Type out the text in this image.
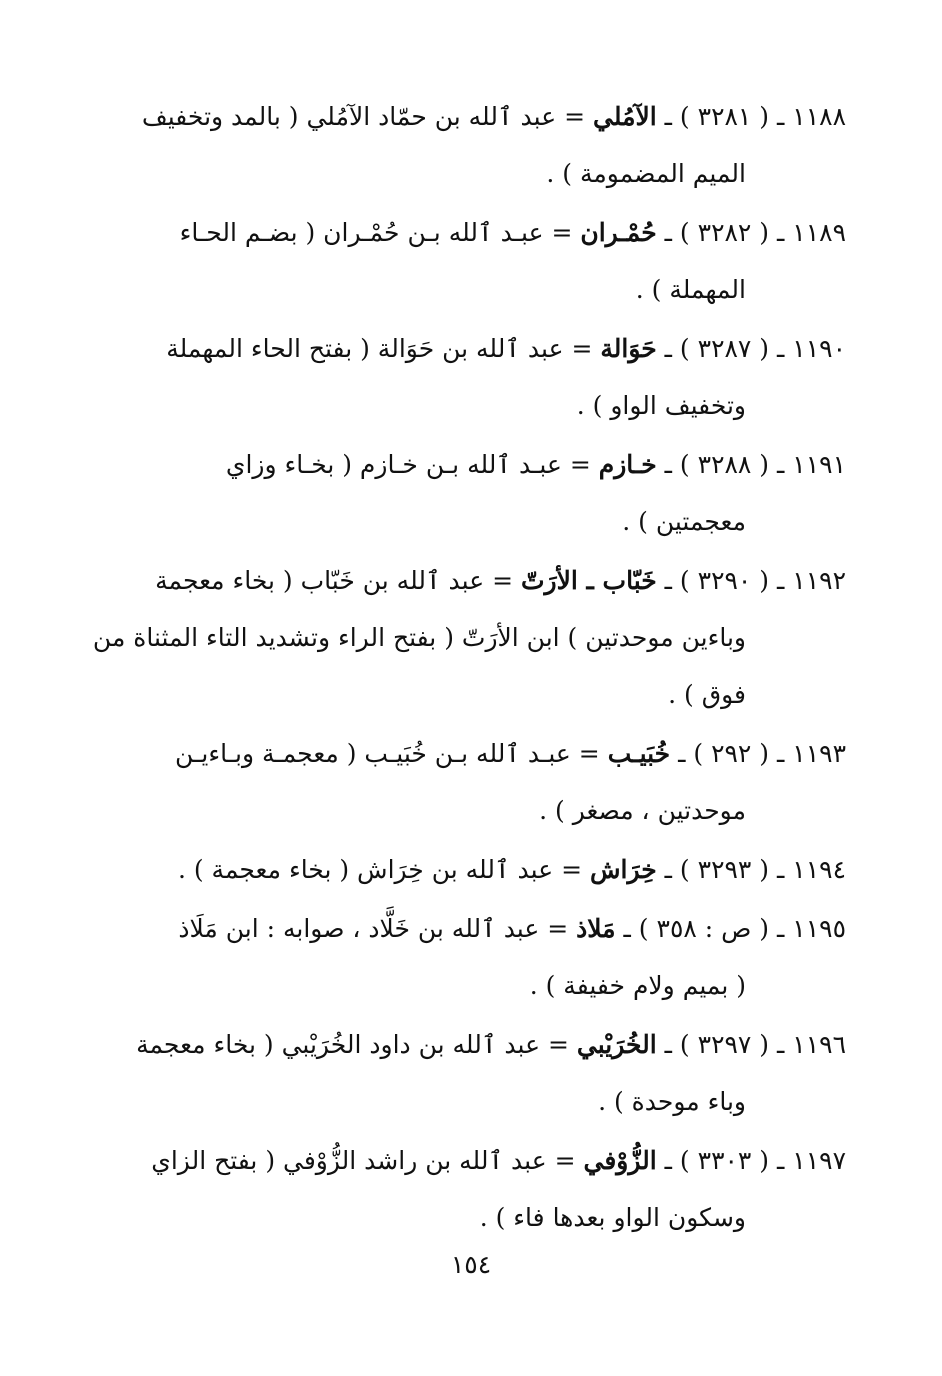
١١٨٨ ـ ( ٣٢٨١ ) ـ الآمُلي = عبد ٱلله بن حمّاد الآمُلي ( بالمد وتخفيف
الميم المضمومة ) .
١١٨٩ ـ ( ٣٢٨٢ ) ـ حُمْـران = عبـد ٱلله بـن حُمْـران ( بضـم الحـاء
المهملة ) .
١١٩٠ ـ ( ٣٢٨٧ ) ـ حَوَالة = عبد ٱلله بن حَوَالة ( بفتح الحاء المهملة
وتخفيف الواو ) .
١١٩١ ـ ( ٣٢٨٨ ) ـ خـازم = عبـد ٱلله بـن خـازم ( بخـاء وزاي
معجمتين ) .
١١٩٢ ـ ( ٣٢٩٠ ) ـ خَبّاب ـ الأرَتّ = عبد ٱلله بن خَبّاب ( بخاء معجمة
وباءين موحدتين ) ابن الأرَتّ ( بفتح الراء وتشديد التاء المثناة من
فوق ) .
١١٩٣ ـ ( ٢٩٢ ) ـ خُبَيـب = عبـد ٱلله بـن خُبَيـب ( معجمـة وبـاءيـن
موحدتين ، مصغر ) .
١١٩٤ ـ ( ٣٢٩٣ ) ـ خِرَاش = عبد ٱلله بن خِرَاش ( بخاء معجمة ) .
١١٩٥ ـ ( ص : ٣٥٨ ) ـ مَلاذ = عبد ٱلله بن خَلَّاد ، صوابه : ابن مَلَاذ
( بميم ولام خفيفة ) .
١١٩٦ ـ ( ٣٢٩٧ ) ـ الخُرَيْبي = عبد ٱلله بن داود الخُرَيْبي ( بخاء معجمة
وباء موحدة ) .
١١٩٧ ـ ( ٣٣٠٣ ) ـ الزُّوْفي = عبد ٱلله بن راشد الزُّوْفي ( بفتح الزاي
وسكون الواو بعدها فاء ) .
١٥٤
